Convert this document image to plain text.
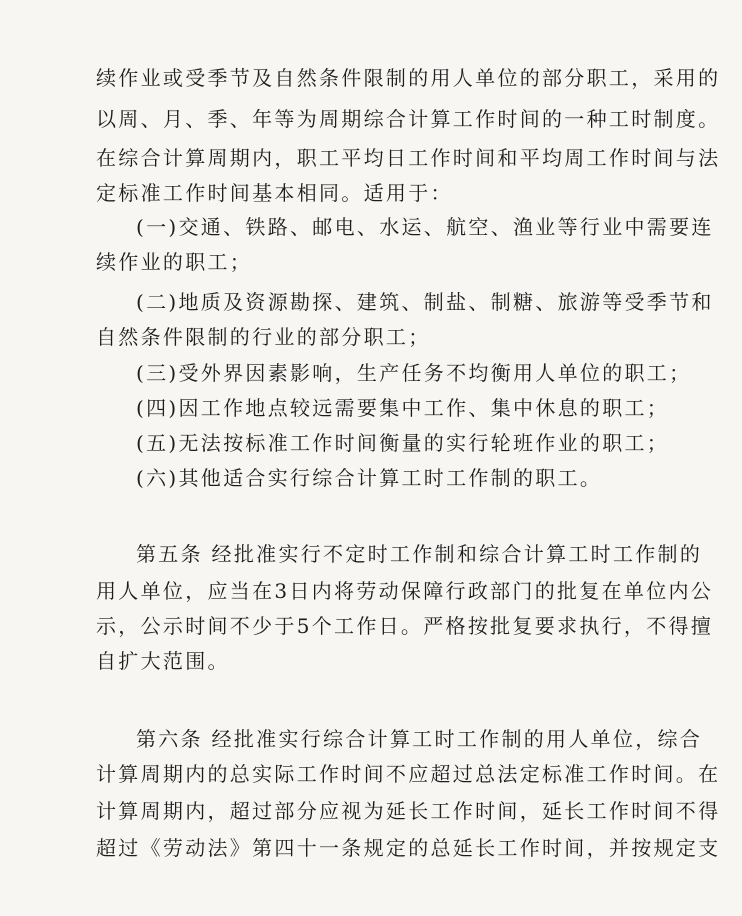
续作业或受季节及自然条件限制的用人单位的部分职工，采用的
以周、月、季、年等为周期综合计算工作时间的一种工时制度。
在综合计算周期内，职工平均日工作时间和平均周工作时间与法
定标准工作时间基本相同。适用于：
(一)交通、铁路、邮电、水运、航空、渔业等行业中需要连
续作业的职工；
(二)地质及资源勘探、建筑、制盐、制糖、旅游等受季节和
自然条件限制的行业的部分职工；
(三)受外界因素影响，生产任务不均衡用人单位的职工；
(四)因工作地点较远需要集中工作、集中休息的职工；
(五)无法按标准工作时间衡量的实行轮班作业的职工；
(六)其他适合实行综合计算工时工作制的职工。
第五条 经批准实行不定时工作制和综合计算工时工作制的
用人单位，应当在3日内将劳动保障行政部门的批复在单位内公
示，公示时间不少于5个工作日。严格按批复要求执行，不得擅
自扩大范围。
第六条 经批准实行综合计算工时工作制的用人单位，综合
计算周期内的总实际工作时间不应超过总法定标准工作时间。在
计算周期内，超过部分应视为延长工作时间，延长工作时间不得
超过《劳动法》第四十一条规定的总延长工作时间，并按规定支
